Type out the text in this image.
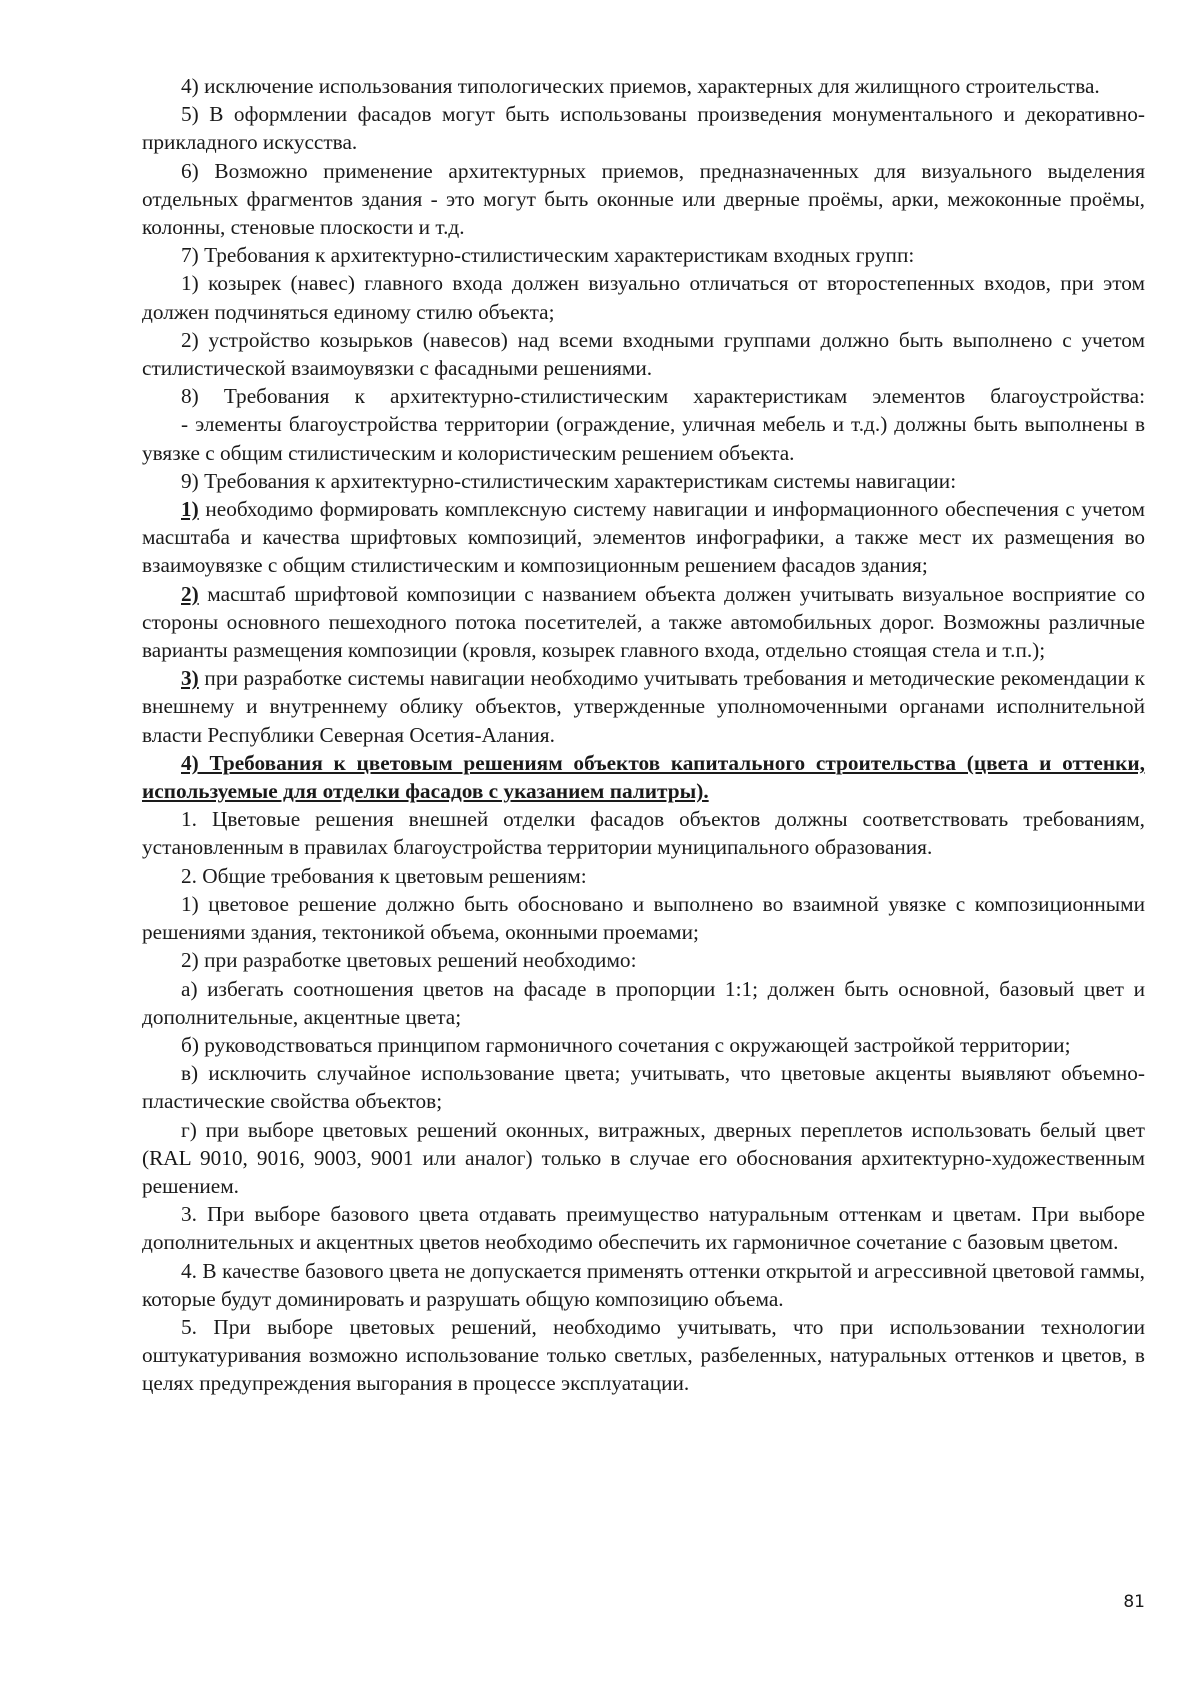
4) исключение использования типологических приемов, характерных для жилищного строительства.

5) В оформлении фасадов могут быть использованы произведения монументального и декоративно-прикладного искусства.

6) Возможно применение архитектурных приемов, предназначенных для визуального выделения отдельных фрагментов здания - это могут быть оконные или дверные проёмы, арки, межоконные проёмы, колонны, стеновые плоскости и т.д.

7) Требования к архитектурно-стилистическим характеристикам входных групп:

1) козырек (навес) главного входа должен визуально отличаться от второстепенных входов, при этом должен подчиняться единому стилю объекта;

2) устройство козырьков (навесов) над всеми входными группами должно быть выполнено с учетом стилистической взаимоувязки с фасадными решениями.

8) Требования к архитектурно-стилистическим характеристикам элементов благоустройства:

- элементы благоустройства территории (ограждение, уличная мебель и т.д.) должны быть выполнены в увязке с общим стилистическим и колористическим решением объекта.

9) Требования к архитектурно-стилистическим характеристикам системы навигации:

1) необходимо формировать комплексную систему навигации и информационного обеспечения с учетом масштаба и качества шрифтовых композиций, элементов инфографики, а также мест их размещения во взаимоувязке с общим стилистическим и композиционным решением фасадов здания;

2) масштаб шрифтовой композиции с названием объекта должен учитывать визуальное восприятие со стороны основного пешеходного потока посетителей, а также автомобильных дорог. Возможны различные варианты размещения композиции (кровля, козырек главного входа, отдельно стоящая стела и т.п.);

3) при разработке системы навигации необходимо учитывать требования и методические рекомендации к внешнему и внутреннему облику объектов, утвержденные уполномоченными органами исполнительной власти Республики Северная Осетия-Алания.

4) Требования к цветовым решениям объектов капитального строительства (цвета и оттенки, используемые для отделки фасадов с указанием палитры).

1. Цветовые решения внешней отделки фасадов объектов должны соответствовать требованиям, установленным в правилах благоустройства территории муниципального образования.

2. Общие требования к цветовым решениям:

1) цветовое решение должно быть обосновано и выполнено во взаимной увязке с композиционными решениями здания, тектоникой объема, оконными проемами;

2) при разработке цветовых решений необходимо:

а) избегать соотношения цветов на фасаде в пропорции 1:1; должен быть основной, базовый цвет и дополнительные, акцентные цвета;

б) руководствоваться принципом гармоничного сочетания с окружающей застройкой территории;

в) исключить случайное использование цвета; учитывать, что цветовые акценты выявляют объемно-пластические свойства объектов;

г) при выборе цветовых решений оконных, витражных, дверных переплетов использовать белый цвет (RAL 9010, 9016, 9003, 9001 или аналог) только в случае его обоснования архитектурно-художественным решением.

3. При выборе базового цвета отдавать преимущество натуральным оттенкам и цветам. При выборе дополнительных и акцентных цветов необходимо обеспечить их гармоничное сочетание с базовым цветом.

4. В качестве базового цвета не допускается применять оттенки открытой и агрессивной цветовой гаммы, которые будут доминировать и разрушать общую композицию объема.

5. При выборе цветовых решений, необходимо учитывать, что при использовании технологии оштукатуривания возможно использование только светлых, разбеленных, натуральных оттенков и цветов, в целях предупреждения выгорания в процессе эксплуатации.

81
